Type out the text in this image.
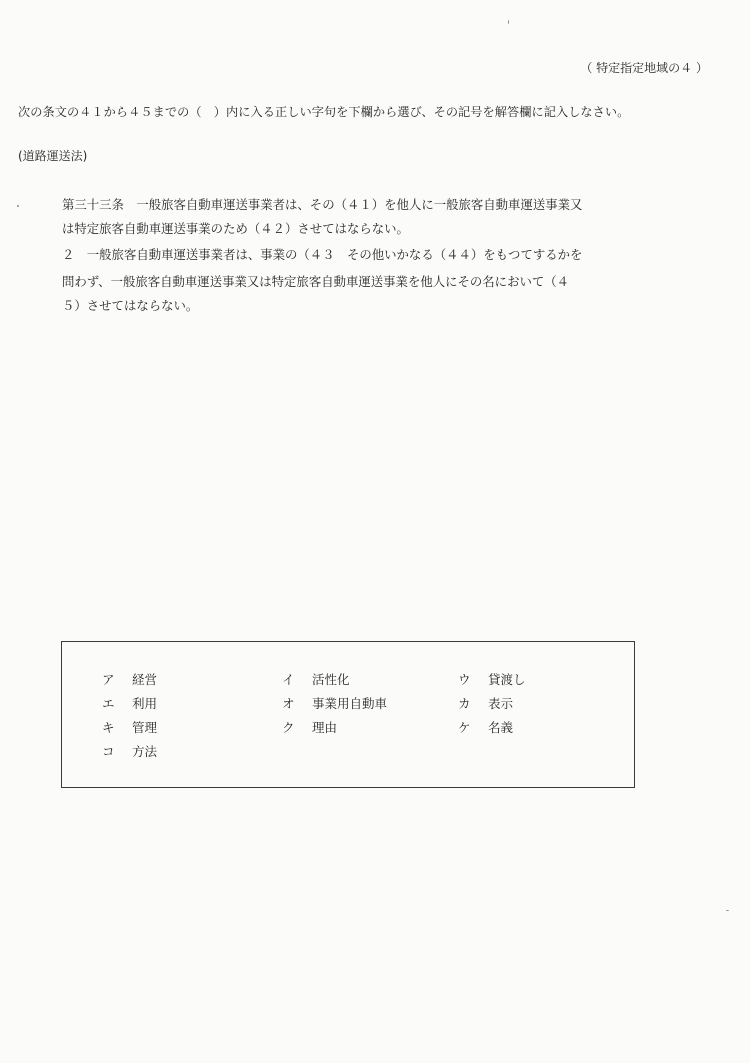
（ 特定指定地域の４ ）
次の条文の４１から４５までの（　）内に入る正しい字句を下欄から選び、その記号を解答欄に記入しなさい。
(道路運送法)
第三十三条　一般旅客自動車運送事業者は、その（４１）を他人に一般旅客自動車運送事業又
は特定旅客自動車運送事業のため（４２）させてはならない。
２　一般旅客自動車運送事業者は、事業の（４３　その他いかなる（４４）をもつてするかを
問わず、一般旅客自動車運送事業又は特定旅客自動車運送事業を他人にその名において（４
５）させてはならない。
ア 経営	イ 活性化	ウ 貸渡し
エ 利用	オ 事業用自動車	カ 表示
キ 管理	ク 理由	ケ 名義
コ 方法
